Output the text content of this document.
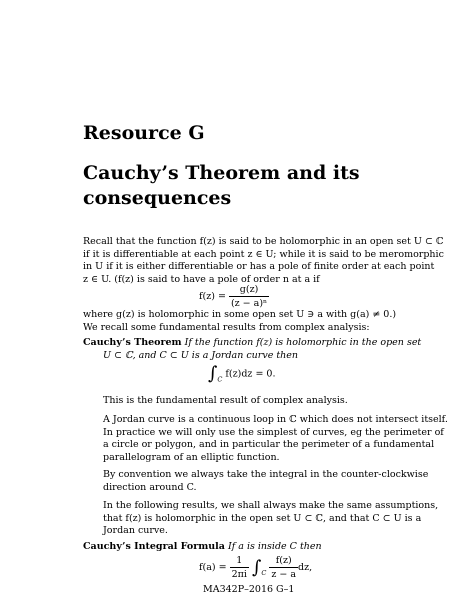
Resource G
Cauchy’s Theorem and its
consequences
Recall that the function f(z) is said to be holomorphic in an open set U ⊂ ℂ
if it is differentiable at each point z ∈ U; while it is said to be meromorphic
in U if it is either differentiable or has a pole of finite order at each point
z ∈ U. (f(z) is said to have a pole of order n at a if
$f(z) = \frac{g(z)}{\text{(z − a)ⁿ}}$
where g(z) is holomorphic in some open set U ∋ a with g(a) ≠ 0.)
We recall some fundamental results from complex analysis:
Cauchy’s Theorem If the function f(z) is holomorphic in the open set
U ⊂ ℂ, and C ⊂ U is a Jordan curve then
$\int_C$ f(z)dz = 0.
This is the fundamental result of complex analysis.
A Jordan curve is a continuous loop in ℂ which does not intersect itself.
In practice we will only use the simplest of curves, eg the perimeter of
a circle or polygon, and in particular the perimeter of a fundamental
parallelogram of an elliptic function.
By convention we always take the integral in the counter-clockwise
direction around C.
In the following results, we shall always make the same assumptions,
that f(z) is holomorphic in the open set U ⊂ ℂ, and that C ⊂ U is a
Jordan curve.
Cauchy’s Integral Formula If a is inside C then
$f(a) = \frac{1}{2\pi i} \int_C \frac{f(z)}{z - a}$ dz,
MA342P–2016 G–1
